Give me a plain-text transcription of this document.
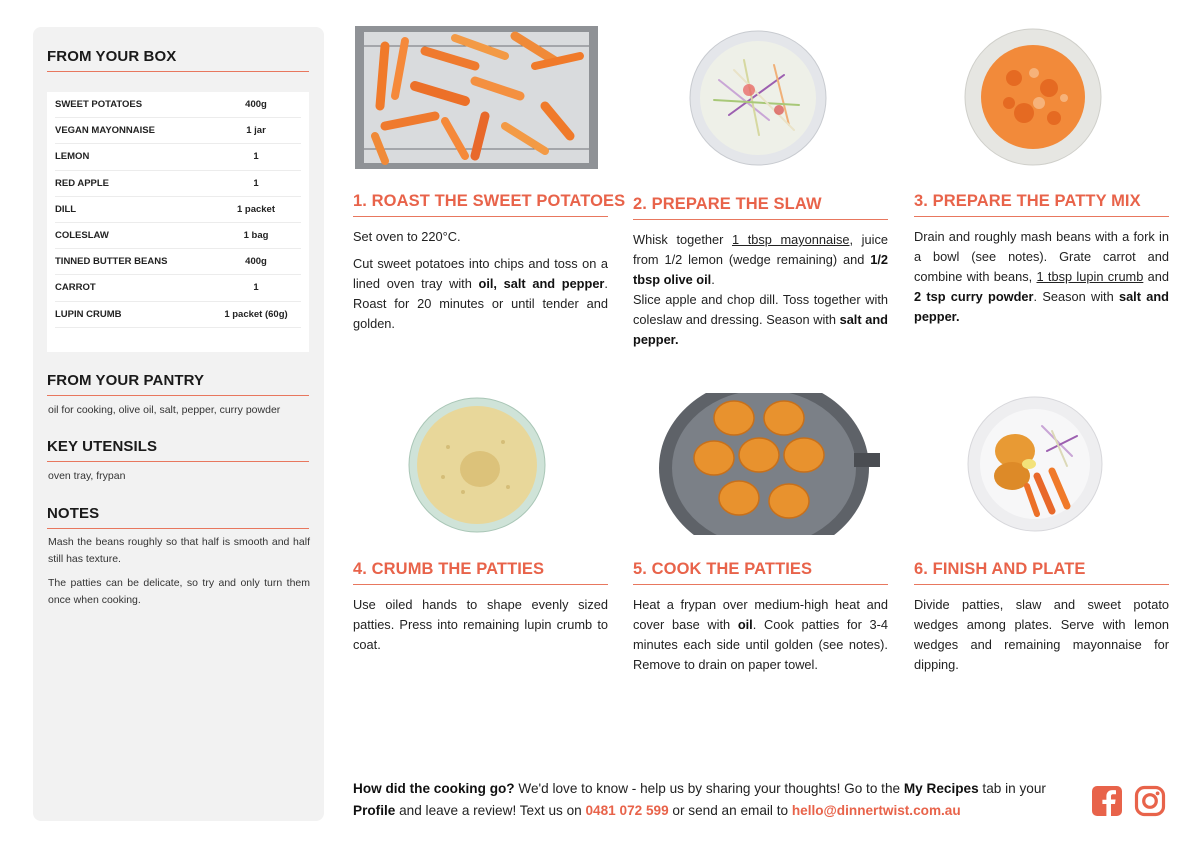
FROM YOUR BOX
SWEET POTATOES	400g
VEGAN MAYONNAISE	1 jar
LEMON	1
RED APPLE	1
DILL	1 packet
COLESLAW	1 bag
TINNED BUTTER BEANS	400g
CARROT	1
LUPIN CRUMB	1 packet (60g)
FROM YOUR PANTRY
oil for cooking, olive oil, salt, pepper, curry powder
KEY UTENSILS
oven tray, frypan
NOTES

Mash the beans roughly so that half is smooth and half still has texture.

The patties can be delicate, so try and only turn them once when cooking.

1. ROAST THE SWEET POTATOES

Set oven to 220°C.

Cut sweet potatoes into chips and toss on a lined oven tray with oil, salt and pepper. Roast for 20 minutes or until tender and golden.

2. PREPARE THE SLAW
Whisk together 1 tbsp mayonnaise, juice from 1/2 lemon (wedge remaining) and 1/2 tbsp olive oil.
Slice apple and chop dill. Toss together with coleslaw and dressing. Season with salt and pepper.
3. PREPARE THE PATTY MIX
Drain and roughly mash beans with a fork in a bowl (see notes). Grate carrot and combine with beans, 1 tbsp lupin crumb and 2 tsp curry powder. Season with salt and pepper.
4. CRUMB THE PATTIES
Use oiled hands to shape evenly sized patties. Press into remaining lupin crumb to coat.
5. COOK THE PATTIES
Heat a frypan over medium-high heat and cover base with oil. Cook patties for 3-4 minutes each side until golden (see notes). Remove to drain on paper towel.
6. FINISH AND PLATE
Divide patties, slaw and sweet potato wedges among plates. Serve with lemon wedges and remaining mayonnaise for dipping.
How did the cooking go? We'd love to know - help us by sharing your thoughts! Go to the My Recipes tab in your Profile and leave a review! Text us on 0481 072 599 or send an email to hello@dinnertwist.com.au
